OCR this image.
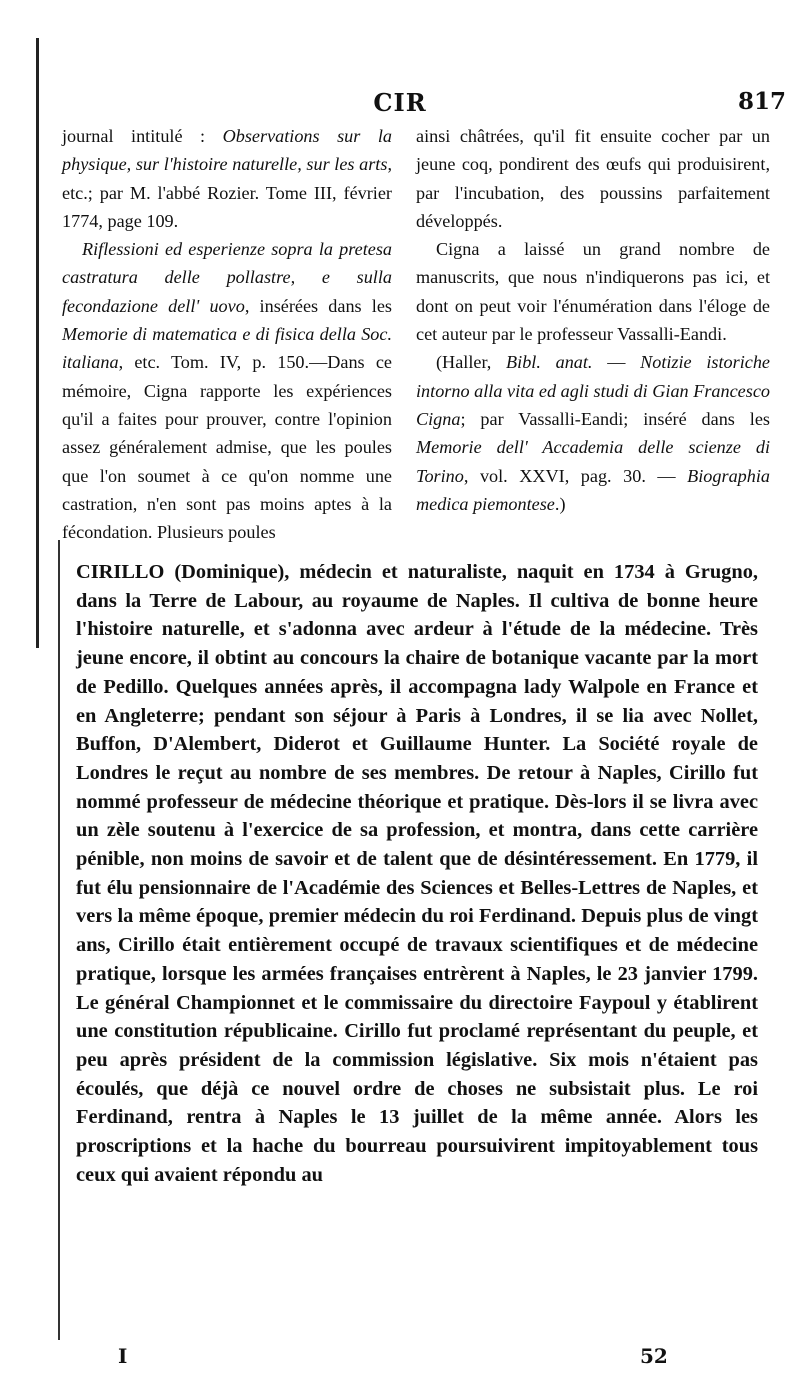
CIR	817

journal intitulé : Observations sur la physique, sur l'histoire naturelle, sur les arts, etc.; par M. l'abbé Rozier. Tome III, février 1774, page 109.

Riflessioni ed esperienze sopra la pretesa castratura delle pollastre, e sulla fecondazione dell' uovo, insérées dans les Memorie di matematica e di fisica della Soc. italiana, etc. Tom. IV, p. 150.—Dans ce mémoire, Cigna rapporte les expériences qu'il a faites pour prouver, contre l'opinion assez généralement admise, que les poules que l'on soumet à ce qu'on nomme une castration, n'en sont pas moins aptes à la fécondation. Plusieurs poules

ainsi châtrées, qu'il fit ensuite cocher par un jeune coq, pondirent des œufs qui produisirent, par l'incubation, des poussins parfaitement développés.

Cigna a laissé un grand nombre de manuscrits, que nous n'indiquerons pas ici, et dont on peut voir l'énumération dans l'éloge de cet auteur par le professeur Vassalli-Eandi.

(Haller, Bibl. anat. — Notizie istoriche intorno alla vita ed agli studi di Gian Francesco Cigna; par Vassalli-Eandi; inséré dans les Memorie dell' Accademia delle scienze di Torino, vol. XXVI, pag. 30. — Biographia medica piemontese.)

CIRILLO (Dominique), médecin et naturaliste, naquit en 1734 à Grugno, dans la Terre de Labour, au royaume de Naples. Il cultiva de bonne heure l'histoire naturelle, et s'adonna avec ardeur à l'étude de la médecine. Très jeune encore, il obtint au concours la chaire de botanique vacante par la mort de Pedillo. Quelques années après, il accompagna lady Walpole en France et en Angleterre; pendant son séjour à Paris à Londres, il se lia avec Nollet, Buffon, D'Alembert, Diderot et Guillaume Hunter. La Société royale de Londres le reçut au nombre de ses membres. De retour à Naples, Cirillo fut nommé professeur de médecine théorique et pratique. Dès-lors il se livra avec un zèle soutenu à l'exercice de sa profession, et montra, dans cette carrière pénible, non moins de savoir et de talent que de désintéressement. En 1779, il fut élu pensionnaire de l'Académie des Sciences et Belles-Lettres de Naples, et vers la même époque, premier médecin du roi Ferdinand. Depuis plus de vingt ans, Cirillo était entièrement occupé de travaux scientifiques et de médecine pratique, lorsque les armées françaises entrèrent à Naples, le 23 janvier 1799. Le général Championnet et le commissaire du directoire Faypoul y établirent une constitution républicaine. Cirillo fut proclamé représentant du peuple, et peu après président de la commission législative. Six mois n'étaient pas écoulés, que déjà ce nouvel ordre de choses ne subsistait plus. Le roi Ferdinand, rentra à Naples le 13 juillet de la même année. Alors les proscriptions et la hache du bourreau poursuivirent impitoyablement tous ceux qui avaient répondu au

I	52
